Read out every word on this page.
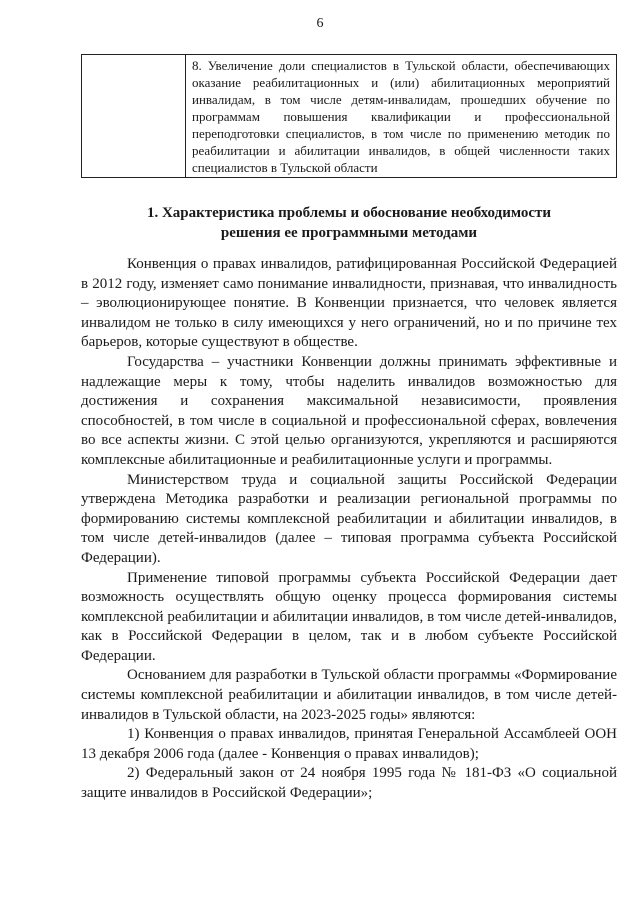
6
	8. Увеличение доли специалистов в Тульской области, обеспечивающих оказание реабилитационных и (или) абилитационных мероприятий инвалидам, в том числе детям-инвалидам, прошедших обучение по программам повышения квалификации и профессиональной переподготовки специалистов, в том числе по применению методик по реабилитации и абилитации инвалидов, в общей численности таких специалистов в Тульской области
1. Характеристика проблемы и обоснование необходимости
решения ее программными методами

Конвенция о правах инвалидов, ратифицированная Российской Федерацией в 2012 году, изменяет само понимание инвалидности, признавая, что инвалидность – эволюционирующее понятие. В Конвенции признается, что человек является инвалидом не только в силу имеющихся у него ограничений, но и по причине тех барьеров, которые существуют в обществе.

Государства – участники Конвенции должны принимать эффективные и надлежащие меры к тому, чтобы наделить инвалидов возможностью для достижения и сохранения максимальной независимости, проявления способностей, в том числе в социальной и профессиональной сферах, вовлечения во все аспекты жизни. С этой целью организуются, укрепляются и расширяются комплексные абилитационные и реабилитационные услуги и программы.

Министерством труда и социальной защиты Российской Федерации утверждена Методика разработки и реализации региональной программы по формированию системы комплексной реабилитации и абилитации инвалидов, в том числе детей-инвалидов (далее – типовая программа субъекта Российской Федерации).

Применение типовой программы субъекта Российской Федерации дает возможность осуществлять общую оценку процесса формирования системы комплексной реабилитации и абилитации инвалидов, в том числе детей-инвалидов, как в Российской Федерации в целом, так и в любом субъекте Российской Федерации.

Основанием для разработки в Тульской области программы «Формирование системы комплексной реабилитации и абилитации инвалидов, в том числе детей-инвалидов в Тульской области, на 2023-2025 годы» являются:

1) Конвенция о правах инвалидов, принятая Генеральной Ассамблеей ООН 13 декабря 2006 года (далее - Конвенция о правах инвалидов);

2) Федеральный закон от 24 ноября 1995 года № 181-ФЗ «О социальной защите инвалидов в Российской Федерации»;
